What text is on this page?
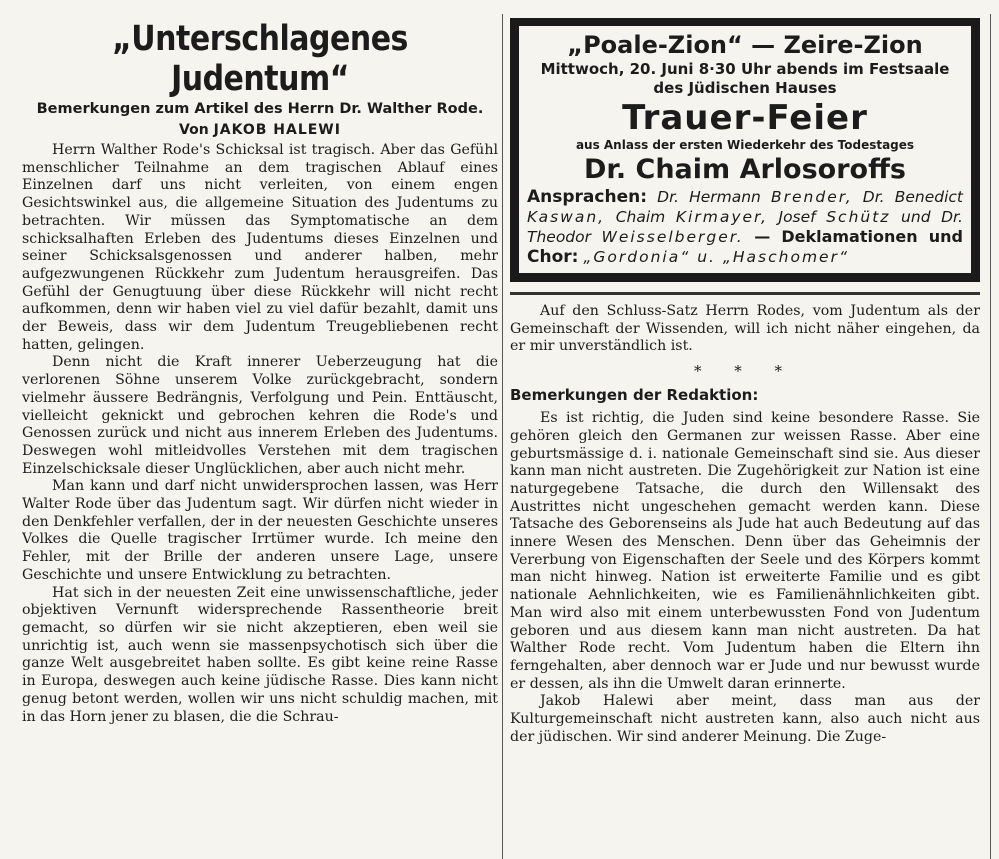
„Unterschlagenes Judentum“
Bemerkungen zum Artikel des Herrn Dr. Walther Rode.
Von JAKOB HALEWI

Herrn Walther Rode's Schicksal ist tragisch. Aber das Gefühl menschlicher Teilnahme an dem tragischen Ablauf eines Einzelnen darf uns nicht verleiten, von einem engen Gesichtswinkel aus, die allgemeine Situation des Judentums zu betrachten. Wir müssen das Symptomatische an dem schicksalhaften Erleben des Judentums dieses Einzelnen und seiner Schicksalsgenossen und anderer halben, mehr aufgezwungenen Rückkehr zum Judentum herausgreifen. Das Gefühl der Genugtuung über diese Rückkehr will nicht recht aufkommen, denn wir haben viel zu viel dafür bezahlt, damit uns der Beweis, dass wir dem Judentum Treugebliebenen recht hatten, gelingen.

Denn nicht die Kraft innerer Ueberzeugung hat die verlorenen Söhne unserem Volke zurückgebracht, sondern vielmehr äussere Bedrängnis, Verfolgung und Pein. Enttäuscht, vielleicht geknickt und gebrochen kehren die Rode's und Genossen zurück und nicht aus innerem Erleben des Judentums. Deswegen wohl mitleidvolles Verstehen mit dem tragischen Einzelschicksale dieser Unglücklichen, aber auch nicht mehr.

Man kann und darf nicht unwidersprochen lassen, was Herr Walter Rode über das Judentum sagt. Wir dürfen nicht wieder in den Denkfehler verfallen, der in der neuesten Geschichte unseres Volkes die Quelle tragischer Irrtümer wurde. Ich meine den Fehler, mit der Brille der anderen unsere Lage, unsere Geschichte und unsere Entwicklung zu betrachten.

Hat sich in der neuesten Zeit eine unwissenschaftliche, jeder objektiven Vernunft widersprechende Rassentheorie breit gemacht, so dürfen wir sie nicht akzeptieren, eben weil sie unrichtig ist, auch wenn sie massenpsychotisch sich über die ganze Welt ausgebreitet haben sollte. Es gibt keine reine Rasse in Europa, deswegen auch keine jüdische Rasse. Dies kann nicht genug betont werden, wollen wir uns nicht schuldig machen, mit in das Horn jener zu blasen, die die Schrau-

„Poale-Zion“ — Zeire-Zion
Mittwoch, 20. Juni 8·30 Uhr abends im Festsaale des Jüdischen Hauses
Trauer-Feier
aus Anlass der ersten Wiederkehr des Todestages
Dr. Chaim Arlosoroffs
Ansprachen: Dr. Hermann Brender, Dr. Benedict Kaswan, Chaim Kirmayer, Josef Schütz und Dr. Theodor Weisselberger. — Deklamationen und Chor: „Gordonia“ u. „Haschomer“

Auf den Schluss-Satz Herrn Rodes, vom Judentum als der Gemeinschaft der Wissenden, will ich nicht näher eingehen, da er mir unverständlich ist.

* * *
Bemerkungen der Redaktion:

Es ist richtig, die Juden sind keine besondere Rasse. Sie gehören gleich den Germanen zur weissen Rasse. Aber eine geburtsmässige d. i. nationale Gemeinschaft sind sie. Aus dieser kann man nicht austreten. Die Zugehörigkeit zur Nation ist eine naturgegebene Tatsache, die durch den Willensakt des Austrittes nicht ungeschehen gemacht werden kann. Diese Tatsache des Geborenseins als Jude hat auch Bedeutung auf das innere Wesen des Menschen. Denn über das Geheimnis der Vererbung von Eigenschaften der Seele und des Körpers kommt man nicht hinweg. Nation ist erweiterte Familie und es gibt nationale Aehnlichkeiten, wie es Familienähnlichkeiten gibt. Man wird also mit einem unterbewussten Fond von Judentum geboren und aus diesem kann man nicht austreten. Da hat Walther Rode recht. Vom Judentum haben die Eltern ihn ferngehalten, aber dennoch war er Jude und nur bewusst wurde er dessen, als ihn die Umwelt daran erinnerte.

Jakob Halewi aber meint, dass man aus der Kulturgemeinschaft nicht austreten kann, also auch nicht aus der jüdischen. Wir sind anderer Meinung. Die Zuge-
